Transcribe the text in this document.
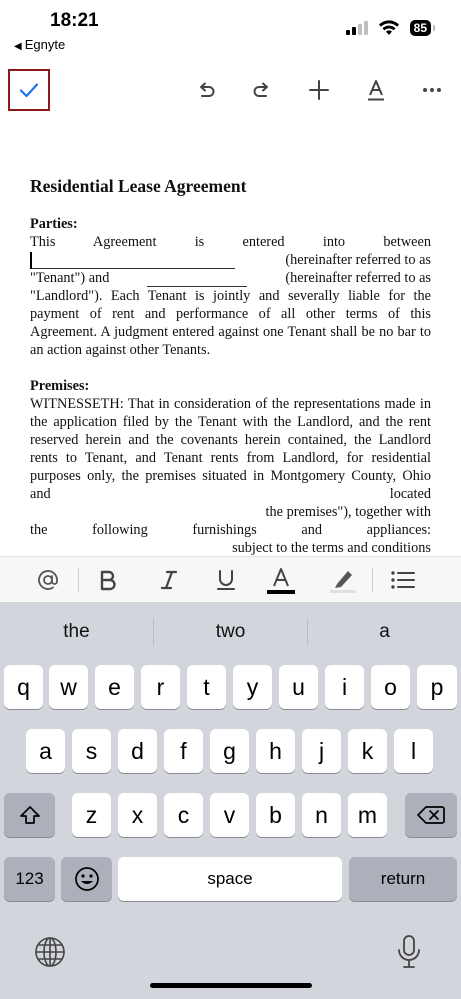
18:21
◀ Egnyte
85
Residential Lease Agreement
Parties:

This Agreement is entered into between

(hereinafter referred to as
"Tenant") and	(hereinafter referred to as

"Landlord"). Each Tenant is jointly and severally liable for the payment of rent and performance of all other terms of this Agreement. A judgment entered against one Tenant shall be no bar to an action against other Tenants.

Premises:

WITNESSETH: That in consideration of the representations made in the application filed by the Tenant with the Landlord, and the rent reserved herein and the covenants herein contained, the Landlord rents to Tenant, and Tenant rents from Landlord, for residential purposes only, the premises situated in Montgomery County, Ohio and located

the premises"), together with

the following furnishings and appliances:

subject to the terms and conditions
the	two	a
q	w	e	r	t	y	u	i	o	p
a	s	d	f	g	h	j	k	l
z	x	c	v	b	n	m
123	space	return
